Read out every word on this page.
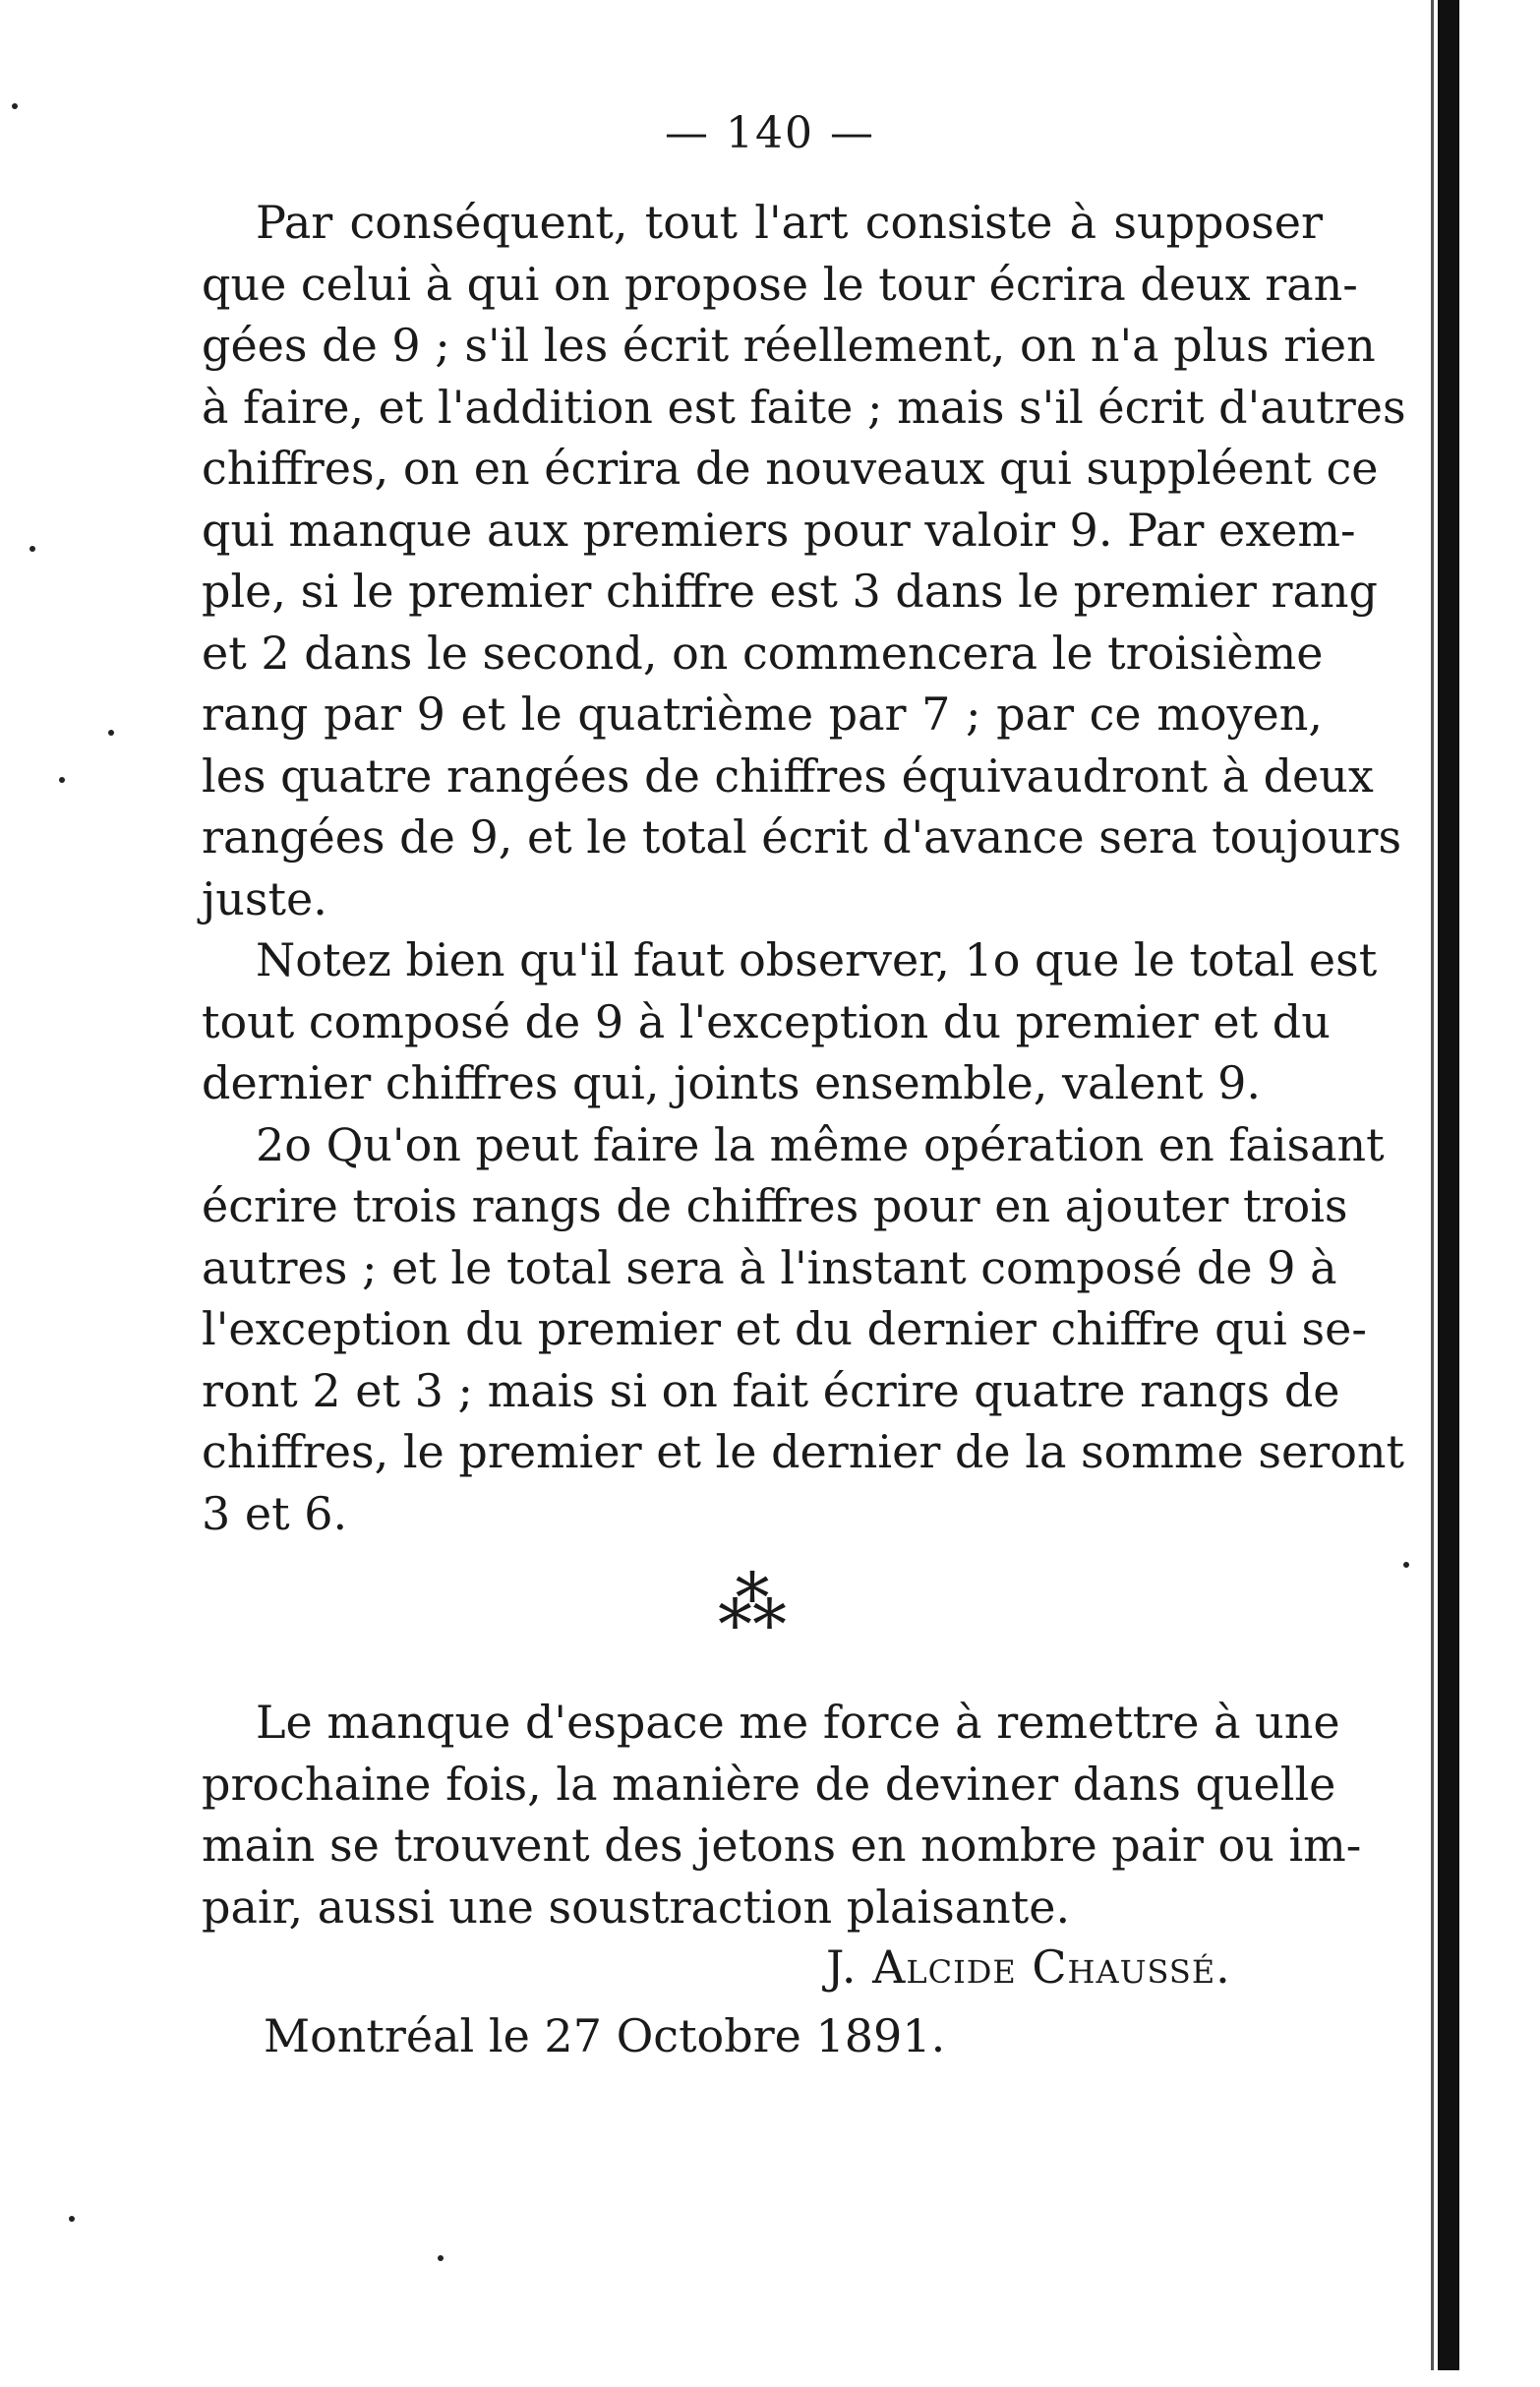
— 140 —
Par conséquent, tout l'art consiste à supposer
que celui à qui on propose le tour écrira deux ran-
gées de 9 ; s'il les écrit réellement, on n'a plus rien
à faire, et l'addition est faite ; mais s'il écrit d'autres
chiffres, on en écrira de nouveaux qui suppléent ce
qui manque aux premiers pour valoir 9. Par exem-
ple, si le premier chiffre est 3 dans le premier rang
et 2 dans le second, on commencera le troisième
rang par 9 et le quatrième par 7 ; par ce moyen,
les quatre rangées de chiffres équivaudront à deux
rangées de 9, et le total écrit d'avance sera toujours
juste.
Notez bien qu'il faut observer, 1o que le total est
tout composé de 9 à l'exception du premier et du
dernier chiffres qui, joints ensemble, valent 9.
2o Qu'on peut faire la même opération en faisant
écrire trois rangs de chiffres pour en ajouter trois
autres ; et le total sera à l'instant composé de 9 à
l'exception du premier et du dernier chiffre qui se-
ront 2 et 3 ; mais si on fait écrire quatre rangs de
chiffres, le premier et le dernier de la somme seront
3 et 6.
⁂
Le manque d'espace me force à remettre à une
prochaine fois, la manière de deviner dans quelle
main se trouvent des jetons en nombre pair ou im-
pair, aussi une soustraction plaisante.
J. Alcide Chaussé.
Montréal le 27 Octobre 1891.
